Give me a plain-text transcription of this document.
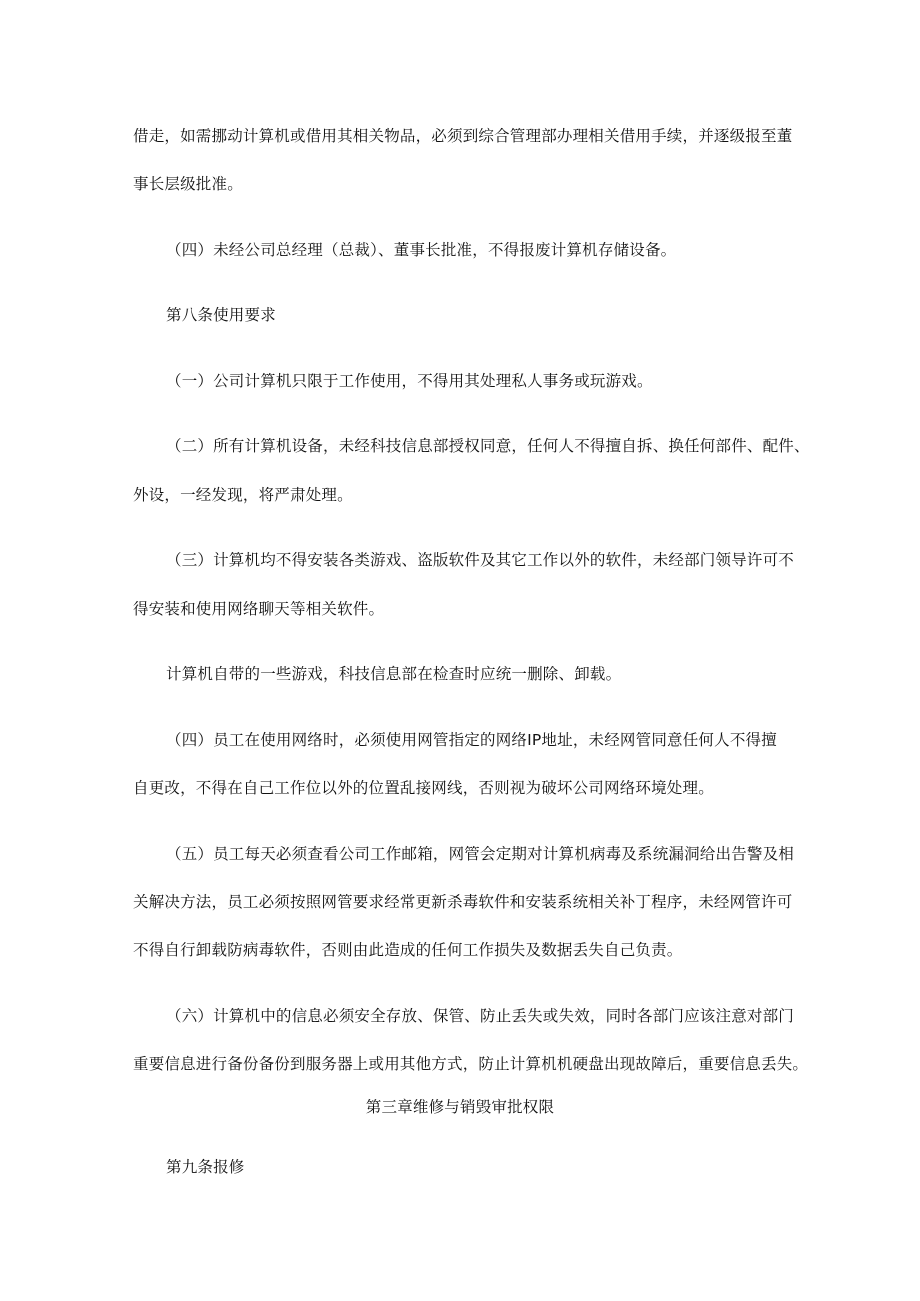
借走，如需挪动计算机或借用其相关物品，必须到综合管理部办理相关借用手续，并逐级报至董
事长层级批准。
（四）未经公司总经理（总裁）、董事长批准，不得报废计算机存储设备。
第八条使用要求
（一）公司计算机只限于工作使用，不得用其处理私人事务或玩游戏。
（二）所有计算机设备，未经科技信息部授权同意，任何人不得擅自拆、换任何部件、配件、
外设，一经发现，将严肃处理。
（三）计算机均不得安装各类游戏、盗版软件及其它工作以外的软件，未经部门领导许可不
得安装和使用网络聊天等相关软件。
计算机自带的一些游戏，科技信息部在检查时应统一删除、卸载。
（四）员工在使用网络时，必须使用网管指定的网络IP地址，未经网管同意任何人不得擅
自更改，不得在自己工作位以外的位置乱接网线，否则视为破坏公司网络环境处理。
（五）员工每天必须查看公司工作邮箱，网管会定期对计算机病毒及系统漏洞给出告警及相
关解决方法，员工必须按照网管要求经常更新杀毒软件和安装系统相关补丁程序，未经网管许可
不得自行卸载防病毒软件，否则由此造成的任何工作损失及数据丢失自己负责。
（六）计算机中的信息必须安全存放、保管、防止丢失或失效，同时各部门应该注意对部门
重要信息进行备份备份到服务器上或用其他方式，防止计算机机硬盘出现故障后，重要信息丢失。
第三章维修与销毁审批权限
第九条报修
